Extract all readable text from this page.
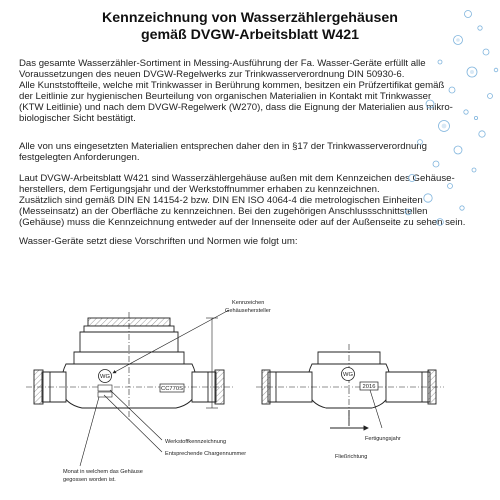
Kennzeichnung von Wasserzählergehäusen
gemäß DVGW-Arbeitsblatt W421
Das gesamte Wasserzähler-Sortiment in Messing-Ausführung der Fa. Wasser-Geräte erfüllt alle
Voraussetzungen des neuen DVGW-Regelwerks zur Trinkwasserverordnung DIN 50930-6.
Alle Kunststoffteile, welche mit Trinkwasser in Berührung kommen, besitzen ein Prüfzertifikat gemäß
der Leitlinie zur hygienischen Beurteilung von organischen Materialien in Kontakt mit Trinkwasser
(KTW Leitlinie) und nach dem DVGW-Regelwerk (W270), dass die Eignung der Materialien aus mikro-
biologischer Sicht bestätigt.
Alle von uns eingesetzten Materialien entsprechen daher den in §17 der Trinkwasserverordnung
festgelegten Anforderungen.
Laut DVGW-Arbeitsblatt W421 sind Wasserzählergehäuse außen mit dem Kennzeichen des Gehäuse-
herstellers, dem Fertigungsjahr und der Werkstoffnummer erhaben zu kennzeichnen.
Zusätzlich sind gemäß DIN EN 14154-2 bzw. DIN EN ISO 4064-4 die metrologischen Einheiten
(Messeinsatz) an der Oberfläche zu kennzeichnen. Bei den zugehörigen Anschlussschnittstellen
(Gehäuse) muss die Kennzeichnung entweder auf der Innenseite oder auf der Außenseite zu sehen sein.
Wasser-Geräte setzt diese Vorschriften und Normen wie folgt um:
WG
CC770S
Kennzeichen
Gehäusehersteller
Werkstoffkennzeichnung
Entsprechende Chargennummer
Monat in welchem das Gehäuse
gegossen worden ist.
WG
2016
Fertigungsjahr
Fließrichtung
